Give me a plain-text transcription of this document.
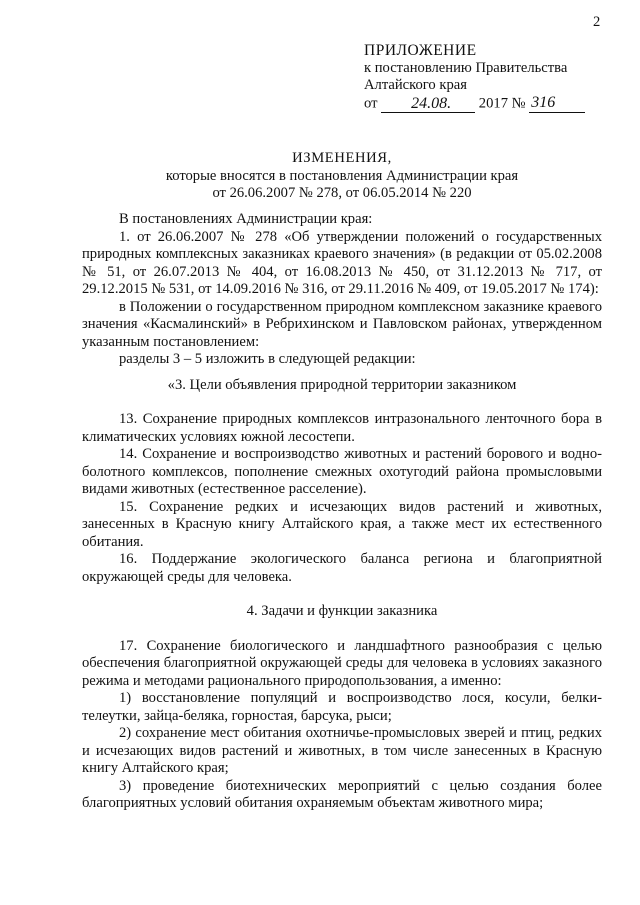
2
ПРИЛОЖЕНИЕ
к постановлению Правительства
Алтайского края
от 24.08. 2017 № 316
ИЗМЕНЕНИЯ,
которые вносятся в постановления Администрации края
от 26.06.2007 № 278, от 06.05.2014 № 220

В постановлениях Администрации края:

1. от 26.06.2007 № 278 «Об утверждении положений о государственных природных комплексных заказниках краевого значения» (в редакции от 05.02.2008 № 51, от 26.07.2013 № 404, от 16.08.2013 № 450, от 31.12.2013 № 717, от 29.12.2015 № 531, от 14.09.2016 № 316, от 29.11.2016 № 409, от 19.05.2017 № 174):

в Положении о государственном природном комплексном заказнике краевого значения «Касмалинский» в Ребрихинском и Павловском районах, утвержденном указанным постановлением:

разделы 3 – 5 изложить в следующей редакции:

«3. Цели объявления природной территории заказником

13. Сохранение природных комплексов интразонального ленточного бора в климатических условиях южной лесостепи.

14. Сохранение и воспроизводство животных и растений борового и водно-болотного комплексов, пополнение смежных охотугодий района промысловыми видами животных (естественное расселение).

15. Сохранение редких и исчезающих видов растений и животных, занесенных в Красную книгу Алтайского края, а также мест их естественного обитания.

16. Поддержание экологического баланса региона и благоприятной окружающей среды для человека.

4. Задачи и функции заказника

17. Сохранение биологического и ландшафтного разнообразия с целью обеспечения благоприятной окружающей среды для человека в условиях заказного режима и методами рационального природопользования, а именно:

1) восстановление популяций и воспроизводство лося, косули, белки-телеутки, зайца-беляка, горностая, барсука, рыси;

2) сохранение мест обитания охотничье-промысловых зверей и птиц, редких и исчезающих видов растений и животных, в том числе занесенных в Красную книгу Алтайского края;

3) проведение биотехнических мероприятий с целью создания более благоприятных условий обитания охраняемым объектам животного мира;
